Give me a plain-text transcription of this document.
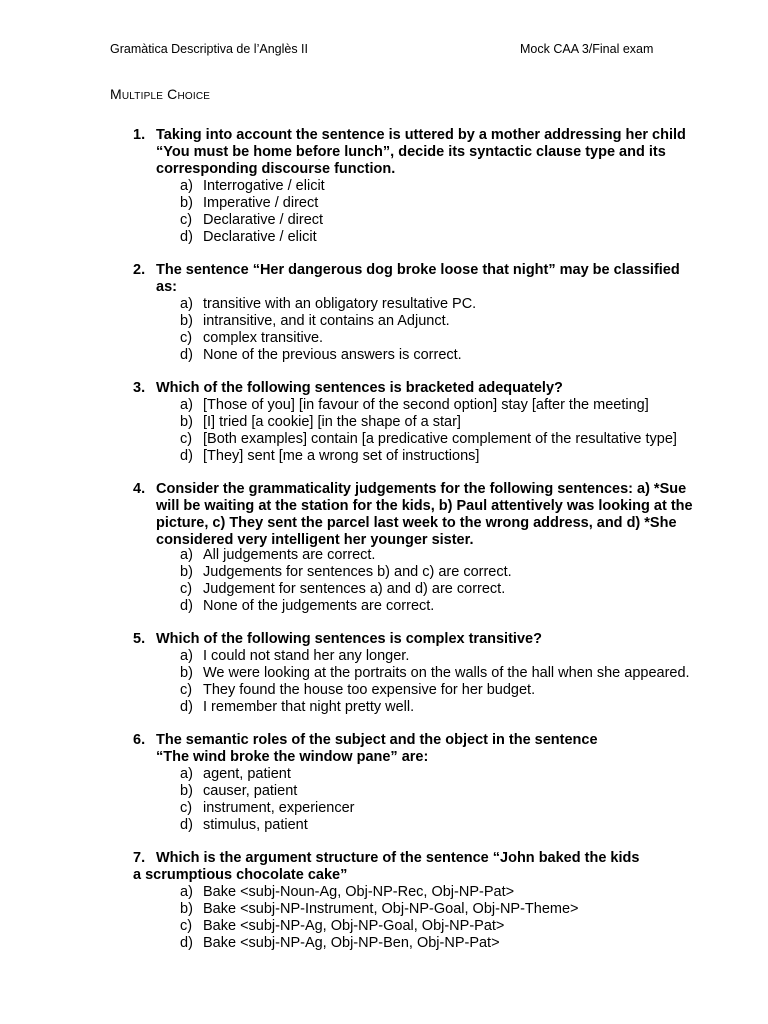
Gramàtica Descriptiva de l’Anglès II	Mock CAA 3/Final exam
Multiple Choice
1. Taking into account the sentence is uttered by a mother addressing her child
“You must be home before lunch”, decide its syntactic clause type and its
corresponding discourse function.
a) Interrogative / elicit
b) Imperative / direct
c) Declarative / direct
d) Declarative / elicit
2. The sentence “Her dangerous dog broke loose that night” may be classified
as:
a) transitive with an obligatory resultative PC.
b) intransitive, and it contains an Adjunct.
c) complex transitive.
d) None of the previous answers is correct.
3. Which of the following sentences is bracketed adequately?
a) [Those of you] [in favour of the second option] stay [after the meeting]
b) [I] tried [a cookie] [in the shape of a star]
c) [Both examples] contain [a predicative complement of the resultative type]
d) [They] sent [me a wrong set of instructions]
4. Consider the grammaticality judgements for the following sentences: a) *Sue
will be waiting at the station for the kids, b) Paul attentively was looking at the
picture, c) They sent the parcel last week to the wrong address, and d) *She
considered very intelligent her younger sister.
a) All judgements are correct.
b) Judgements for sentences b) and c) are correct.
c) Judgement for sentences a) and d) are correct.
d) None of the judgements are correct.
5. Which of the following sentences is complex transitive?
a) I could not stand her any longer.
b) We were looking at the portraits on the walls of the hall when she appeared.
c) They found the house too expensive for her budget.
d) I remember that night pretty well.
6. The semantic roles of the subject and the object in the sentence
“The wind broke the window pane” are:
a) agent, patient
b) causer, patient
c) instrument, experiencer
d) stimulus, patient
7. Which is the argument structure of the sentence “John baked the kids
a scrumptious chocolate cake”
a) Bake <subj-Noun-Ag, Obj-NP-Rec, Obj-NP-Pat>
b) Bake <subj-NP-Instrument, Obj-NP-Goal, Obj-NP-Theme>
c) Bake <subj-NP-Ag, Obj-NP-Goal, Obj-NP-Pat>
d) Bake <subj-NP-Ag, Obj-NP-Ben, Obj-NP-Pat>
